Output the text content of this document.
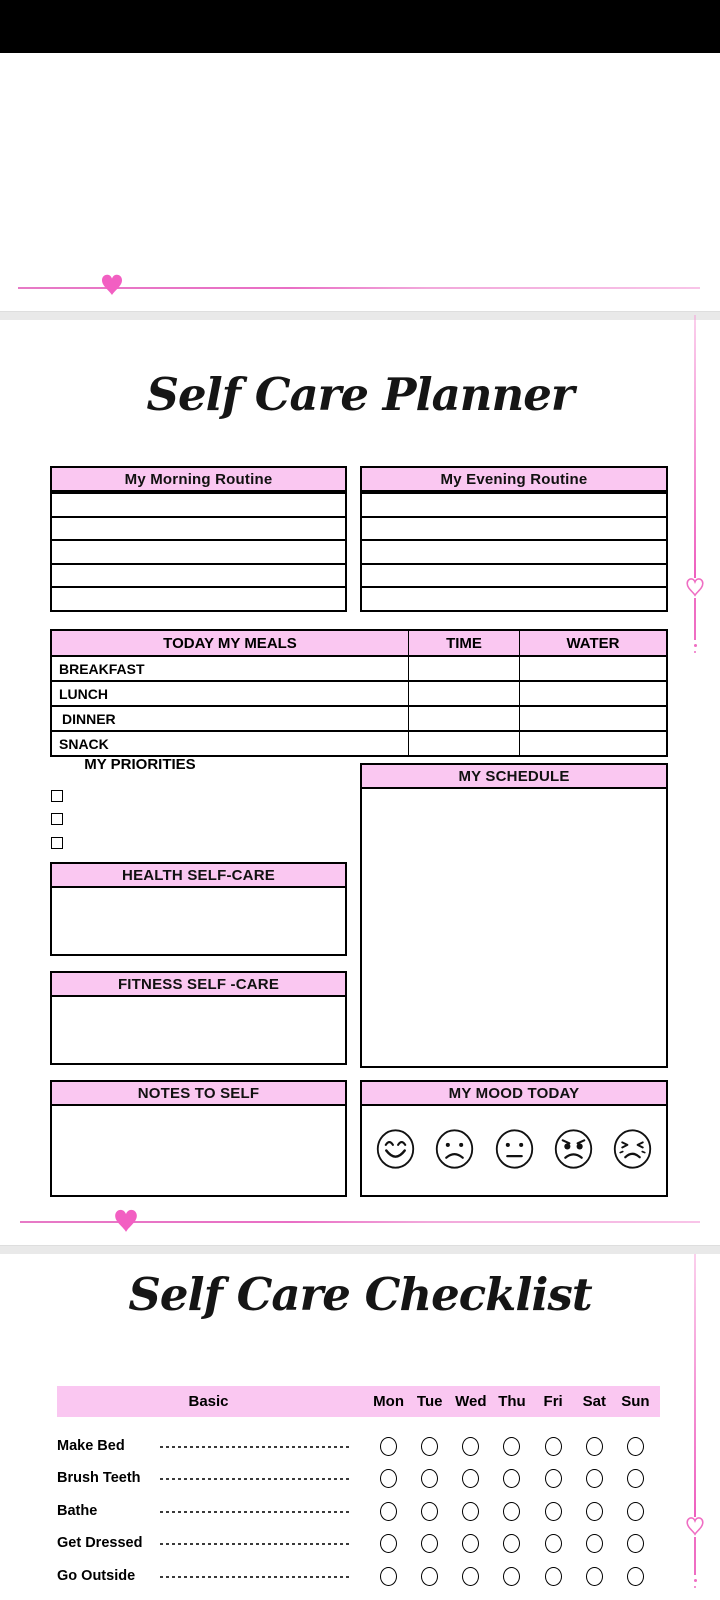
Self Care Planner
My Morning Routine	My Evening Routine
TODAY MY MEALS	TIME	WATER
BREAKFAST
LUNCH
DINNER
SNACK
MY PRIORITIES
MY SCHEDULE
HEALTH SELF-CARE
FITNESS SELF -CARE
NOTES TO SELF	MY MOOD TODAY
Self Care Checklist
Basic	Mon Tue Wed Thu	Fri	Sat	Sun
Make Bed
Brush Teeth
Bathe
Get Dressed
Go Outside
